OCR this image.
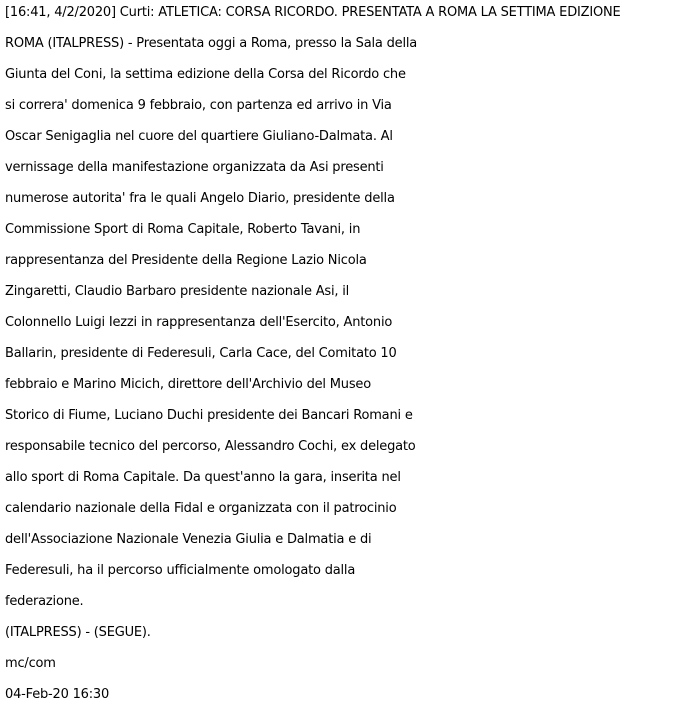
[16:41, 4/2/2020] Curti: ATLETICA: CORSA RICORDO. PRESENTATA A ROMA LA SETTIMA EDIZIONE
ROMA (ITALPRESS) - Presentata oggi a Roma, presso la Sala della
Giunta del Coni, la settima edizione della Corsa del Ricordo che
si correra' domenica 9 febbraio, con partenza ed arrivo in Via
Oscar Senigaglia nel cuore del quartiere Giuliano-Dalmata. Al
vernissage della manifestazione organizzata da Asi presenti
numerose autorita' fra le quali Angelo Diario, presidente della
Commissione Sport di Roma Capitale, Roberto Tavani, in
rappresentanza del Presidente della Regione Lazio Nicola
Zingaretti, Claudio Barbaro presidente nazionale Asi, il
Colonnello Luigi Iezzi in rappresentanza dell'Esercito, Antonio
Ballarin, presidente di Federesuli, Carla Cace, del Comitato 10
febbraio e Marino Micich, direttore dell'Archivio del Museo
Storico di Fiume, Luciano Duchi presidente dei Bancari Romani e
responsabile tecnico del percorso, Alessandro Cochi, ex delegato
allo sport di Roma Capitale. Da quest'anno la gara, inserita nel
calendario nazionale della Fidal e organizzata con il patrocinio
dell'Associazione Nazionale Venezia Giulia e Dalmatia e di
Federesuli, ha il percorso ufficialmente omologato dalla
federazione.
(ITALPRESS) - (SEGUE).
mc/com
04-Feb-20 16:30
